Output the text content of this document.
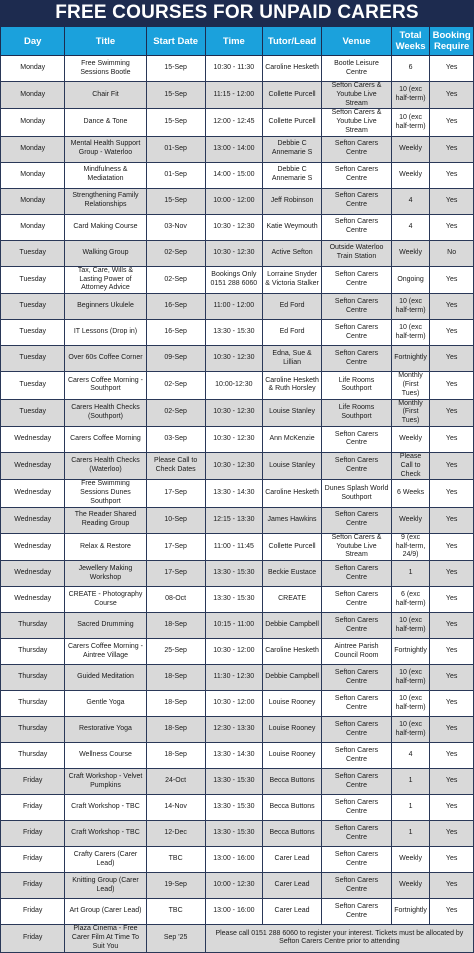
FREE COURSES FOR UNPAID CARERS
Day	Title	Start Date	Time	Tutor/Lead	Venue	Total Weeks	Booking Require
Monday	Free Swimming Sessions Bootle	15-Sep	10:30 - 11:30	Caroline Hesketh	Bootle Leisure Centre	6	Yes
Monday	Chair Fit	15-Sep	11:15 - 12:00	Collette Purcell	Sefton Carers & Youtube Live Stream	10 (exc half-term)	Yes
Monday	Dance & Tone	15-Sep	12:00 - 12:45	Collette Purcell	Sefton Carers & Youtube Live Stream	10 (exc half-term)	Yes
Monday	Mental Health Support Group - Waterloo	01-Sep	13:00 - 14:00	Debbie C Annemarie S	Sefton Carers Centre	Weekly	Yes
Monday	Mindfulness & Mediatation	01-Sep	14:00 - 15:00	Debbie C Annemarie S	Sefton Carers Centre	Weekly	Yes
Monday	Strengthening Family Relationships	15-Sep	10:00 - 12:00	Jeff Robinson	Sefton Carers Centre	4	Yes
Monday	Card Making Course	03-Nov	10:30 - 12:30	Katie Weymouth	Sefton Carers Centre	4	Yes
Tuesday	Walking Group	02-Sep	10:30 - 12:30	Active Sefton	Outside Waterloo Train Station	Weekly	No
Tuesday	Tax, Care, Wills & Lasting Power of Attorney Advice	02-Sep	Bookings Only 0151 288 6060	Lorraine Snyder & Victoria Stalker	Sefton Carers Centre	Ongoing	Yes
Tuesday	Beginners Ukulele	16-Sep	11:00 - 12:00	Ed Ford	Sefton Carers Centre	10 (exc half-term)	Yes
Tuesday	IT Lessons (Drop in)	16-Sep	13:30 - 15:30	Ed Ford	Sefton Carers Centre	10 (exc half-term)	Yes
Tuesday	Over 60s Coffee Corner	09-Sep	10:30 - 12:30	Edna, Sue & Lillian	Sefton Carers Centre	Fortnightly	Yes
Tuesday	Carers Coffee Morning - Southport	02-Sep	10:00-12:30	Caroline Hesketh & Ruth Horsley	Life Rooms Southport	Monthly (First Tues)	Yes
Tuesday	Carers Health Checks (Southport)	02-Sep	10:30 - 12:30	Louise Stanley	Life Rooms Southport	Monthly (First Tues)	Yes
Wednesday	Carers Coffee Morning	03-Sep	10:30 - 12:30	Ann McKenzie	Sefton Carers Centre	Weekly	Yes
Wednesday	Carers Health Checks (Waterloo)	Please Call to Check Dates	10:30 - 12:30	Louise Stanley	Sefton Carers Centre	Please Call to Check	Yes
Wednesday	Free Swimming Sessions Dunes Southport	17-Sep	13:30 - 14:30	Caroline Hesketh	Dunes Splash World Southport	6 Weeks	Yes
Wednesday	The Reader Shared Reading Group	10-Sep	12:15 - 13:30	James Hawkins	Sefton Carers Centre	Weekly	Yes
Wednesday	Relax & Restore	17-Sep	11:00 - 11:45	Collette Purcell	Sefton Carers & Youtube Live Stream	9 (exc half-term, 24/9)	Yes
Wednesday	Jewellery Making Workshop	17-Sep	13:30 - 15:30	Beckie Eustace	Sefton Carers Centre	1	Yes
Wednesday	CREATE - Photography Course	08-Oct	13:30 - 15:30	CREATE	Sefton Carers Centre	6 (exc half-term)	Yes
Thursday	Sacred Drumming	18-Sep	10:15 - 11:00	Debbie Campbell	Sefton Carers Centre	10 (exc half-term)	Yes
Thursday	Carers Coffee Morning - Aintree Village	25-Sep	10:30 - 12:00	Caroline Hesketh	Aintree Parish Council Room	Fortnightly	Yes
Thursday	Guided Meditation	18-Sep	11:30 - 12:30	Debbie Campbell	Sefton Carers Centre	10 (exc half-term)	Yes
Thursday	Gentle Yoga	18-Sep	10:30 - 12:00	Louise Rooney	Sefton Carers Centre	10 (exc half-term)	Yes
Thursday	Restorative Yoga	18-Sep	12:30 - 13:30	Louise Rooney	Sefton Carers Centre	10 (exc half-term)	Yes
Thursday	Wellness Course	18-Sep	13:30 - 14:30	Louise Rooney	Sefton Carers Centre	4	Yes
Friday	Craft Workshop - Velvet Pumpkins	24-Oct	13:30 - 15:30	Becca Buttons	Sefton Carers Centre	1	Yes
Friday	Craft Workshop - TBC	14-Nov	13:30 - 15:30	Becca Buttons	Sefton Carers Centre	1	Yes
Friday	Craft Workshop - TBC	12-Dec	13:30 - 15:30	Becca Buttons	Sefton Carers Centre	1	Yes
Friday	Crafty Carers (Carer Lead)	TBC	13:00 - 16:00	Carer Lead	Sefton Carers Centre	Weekly	Yes
Friday	Knitting Group (Carer Lead)	19-Sep	10:00 - 12:30	Carer Lead	Sefton Carers Centre	Weekly	Yes
Friday	Art Group (Carer Lead)	TBC	13:00 - 16:00	Carer Lead	Sefton Carers Centre	Fortnightly	Yes
Friday	Plaza Cinema - Free Carer Film At Time To Suit You	Sep '25	Please call 0151 288 6060 to register your interest. Tickets must be allocated by Sefton Carers Centre prior to attending				
